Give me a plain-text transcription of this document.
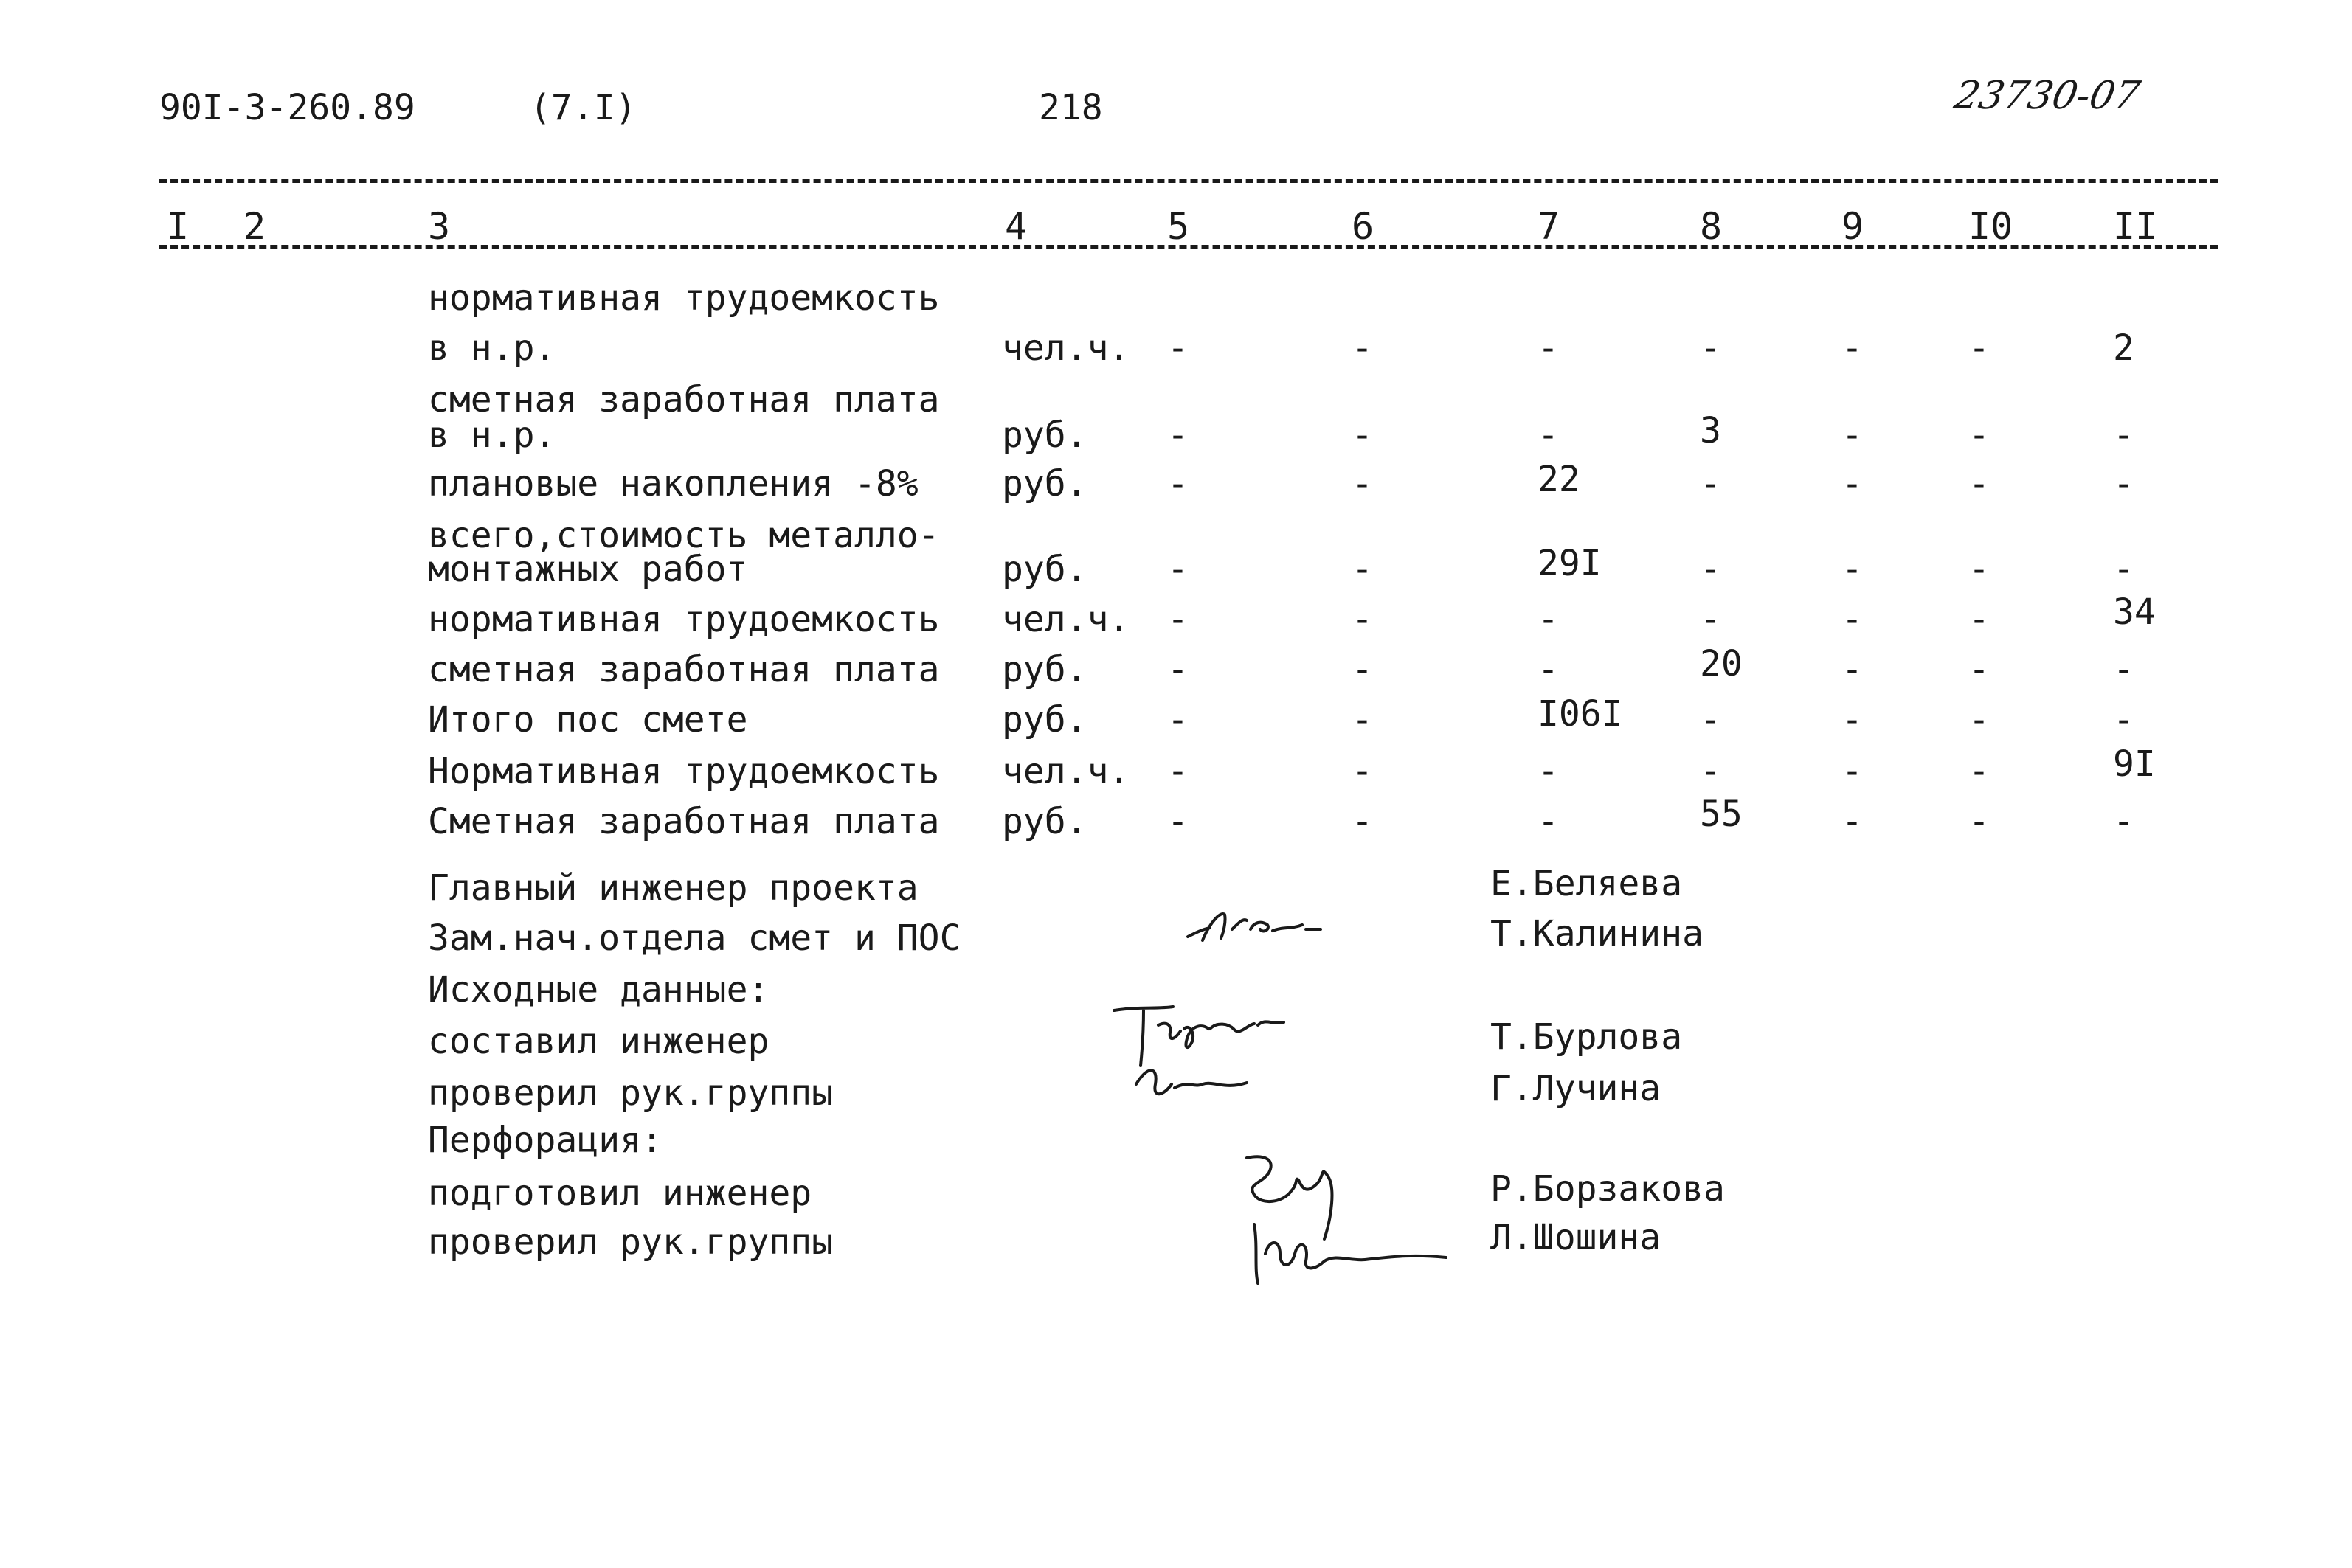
90I-3-260.89	(7.I)	218	23730-07
I 2	3	4	5	6	7	8	9	I0	II
нормативная трудоемкость
в н.р.	чел.ч. -	-	-	-	-	-	2
сметная заработная плата
в н.р.	руб. -	-	-	3	-	-	-
плановые накопления -8% руб. -	-	22	-	-	-	-
всего,стоимость металло-
монтажных работ	руб. -	-	29I	-	-	-	-
нормативная трудоемкость чел.ч. -	-	-	-	-	-	34
сметная заработная плата руб. -	-	-	20	-	-	-
Итого пос смете	руб. -	-	I06I -	-	-	-
Нормативная трудоемкость чел.ч. -	-	-	-	-	-	9I
Сметная заработная плата руб. -	-	-	55	-	-	-
Главный инженер проекта	Е.Беляева
Зам.нач.отдела смет и ПОС	Т.Калинина
Исходные данные:
составил инженер	Т.Бурлова
проверил рук.группы	Г.Лучина
Перфорация:
подготовил инженер	Р.Борзакова
проверил рук.группы	Л.Шошина
